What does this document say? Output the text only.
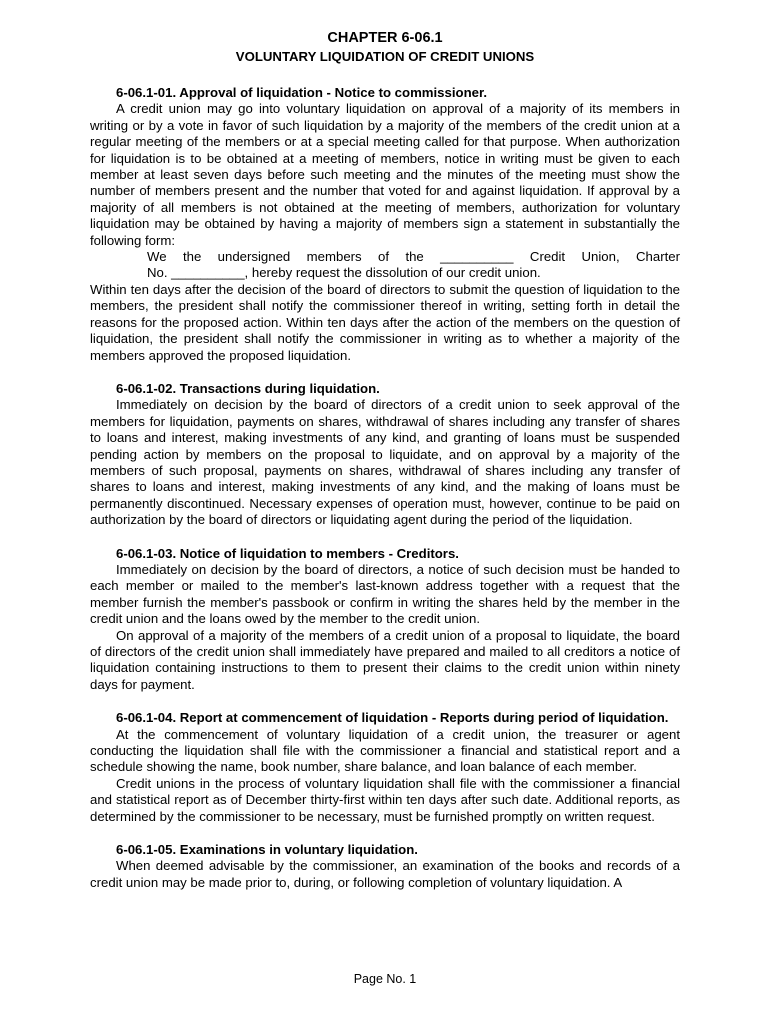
CHAPTER 6-06.1
VOLUNTARY LIQUIDATION OF CREDIT UNIONS

6-06.1-01. Approval of liquidation - Notice to commissioner.

A credit union may go into voluntary liquidation on approval of a majority of its members in writing or by a vote in favor of such liquidation by a majority of the members of the credit union at a regular meeting of the members or at a special meeting called for that purpose. When authorization for liquidation is to be obtained at a meeting of members, notice in writing must be given to each member at least seven days before such meeting and the minutes of the meeting must show the number of members present and the number that voted for and against liquidation. If approval by a majority of all members is not obtained at the meeting of members, authorization for voluntary liquidation may be obtained by having a majority of members sign a statement in substantially the following form:

We the undersigned members of the __________ Credit Union, Charter

No. __________, hereby request the dissolution of our credit union.

Within ten days after the decision of the board of directors to submit the question of liquidation to the members, the president shall notify the commissioner thereof in writing, setting forth in detail the reasons for the proposed action. Within ten days after the action of the members on the question of liquidation, the president shall notify the commissioner in writing as to whether a majority of the members approved the proposed liquidation.

6-06.1-02. Transactions during liquidation.

Immediately on decision by the board of directors of a credit union to seek approval of the members for liquidation, payments on shares, withdrawal of shares including any transfer of shares to loans and interest, making investments of any kind, and granting of loans must be suspended pending action by members on the proposal to liquidate, and on approval by a majority of the members of such proposal, payments on shares, withdrawal of shares including any transfer of shares to loans and interest, making investments of any kind, and the making of loans must be permanently discontinued. Necessary expenses of operation must, however, continue to be paid on authorization by the board of directors or liquidating agent during the period of the liquidation.

6-06.1-03. Notice of liquidation to members - Creditors.

Immediately on decision by the board of directors, a notice of such decision must be handed to each member or mailed to the member's last-known address together with a request that the member furnish the member's passbook or confirm in writing the shares held by the member in the credit union and the loans owed by the member to the credit union.

On approval of a majority of the members of a credit union of a proposal to liquidate, the board of directors of the credit union shall immediately have prepared and mailed to all creditors a notice of liquidation containing instructions to them to present their claims to the credit union within ninety days for payment.

6-06.1-04. Report at commencement of liquidation - Reports during period of liquidation.

At the commencement of voluntary liquidation of a credit union, the treasurer or agent conducting the liquidation shall file with the commissioner a financial and statistical report and a schedule showing the name, book number, share balance, and loan balance of each member.

Credit unions in the process of voluntary liquidation shall file with the commissioner a financial and statistical report as of December thirty-first within ten days after such date. Additional reports, as determined by the commissioner to be necessary, must be furnished promptly on written request.

6-06.1-05. Examinations in voluntary liquidation.

When deemed advisable by the commissioner, an examination of the books and records of a credit union may be made prior to, during, or following completion of voluntary liquidation. A

Page No. 1
